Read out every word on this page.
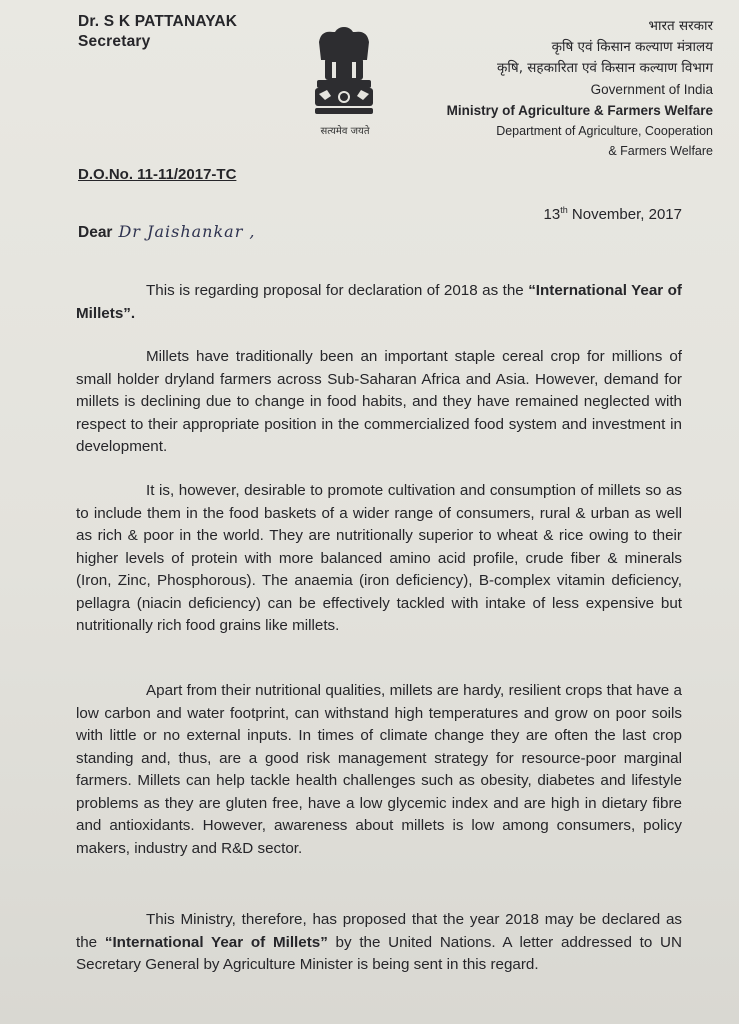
Dr. S K PATTANAYAK
Secretary
सत्यमेव जयते
भारत सरकार
कृषि एवं किसान कल्याण मंत्रालय
कृषि, सहकारिता एवं किसान कल्याण विभाग
Government of India
Ministry of Agriculture & Farmers Welfare
Department of Agriculture, Cooperation
& Farmers Welfare
D.O.No. 11-11/2017-TC
13th November, 2017
Dear Dr Jaishankar ,
This is regarding proposal for declaration of 2018 as the “International Year of Millets”.
Millets have traditionally been an important staple cereal crop for millions of small holder dryland farmers across Sub-Saharan Africa and Asia. However, demand for millets is declining due to change in food habits, and they have remained neglected with respect to their appropriate position in the commercialized food system and investment in development.
It is, however, desirable to promote cultivation and consumption of millets so as to include them in the food baskets of a wider range of consumers, rural & urban as well as rich & poor in the world. They are nutritionally superior to wheat & rice owing to their higher levels of protein with more balanced amino acid profile, crude fiber & minerals (Iron, Zinc, Phosphorous). The anaemia (iron deficiency), B-complex vitamin deficiency, pellagra (niacin deficiency) can be effectively tackled with intake of less expensive but nutritionally rich food grains like millets.
Apart from their nutritional qualities, millets are hardy, resilient crops that have a low carbon and water footprint, can withstand high temperatures and grow on poor soils with little or no external inputs. In times of climate change they are often the last crop standing and, thus, are a good risk management strategy for resource-poor marginal farmers. Millets can help tackle health challenges such as obesity, diabetes and lifestyle problems as they are gluten free, have a low glycemic index and are high in dietary fibre and antioxidants. However, awareness about millets is low among consumers, policy makers, industry and R&D sector.
This Ministry, therefore, has proposed that the year 2018 may be declared as the “International Year of Millets” by the United Nations. A letter addressed to UN Secretary General by Agriculture Minister is being sent in this regard.
